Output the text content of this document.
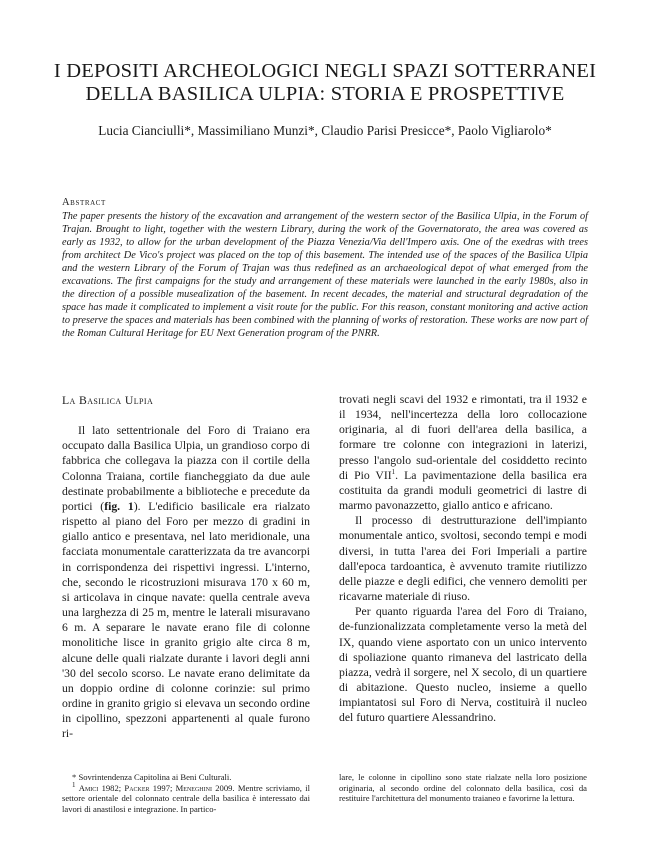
I DEPOSITI ARCHEOLOGICI NEGLI SPAZI SOTTERRANEI
DELLA BASILICA ULPIA: STORIA E PROSPETTIVE
Lucia Cianciulli*, Massimiliano Munzi*, Claudio Parisi Presicce*, Paolo Vigliarolo*
Abstract
The paper presents the history of the excavation and arrangement of the western sector of the Basilica Ulpia, in the Forum of Trajan. Brought to light, together with the western Library, during the work of the Governatorato, the area was covered as early as 1932, to allow for the urban development of the Piazza Venezia/Via dell'Impero axis. One of the exedras with trees from architect De Vico's project was placed on the top of this basement. The intended use of the spaces of the Basilica Ulpia and the western Library of the Forum of Trajan was thus redefined as an archaeological depot of what emerged from the excavations. The first campaigns for the study and arrangement of these materials were launched in the early 1980s, also in the direction of a possible musealization of the basement. In recent decades, the material and structural degradation of the space has made it complicated to implement a visit route for the public. For this reason, constant monitoring and active action to preserve the spaces and materials has been combined with the planning of works of restoration. These works are now part of the Roman Cultural Heritage for EU Next Generation program of the PNRR.
La Basilica Ulpia

Il lato settentrionale del Foro di Traiano era occupato dalla Basilica Ulpia, un grandioso corpo di fabbrica che collegava la piazza con il cortile della Colonna Traiana, cortile fiancheggiato da due aule destinate probabilmente a biblioteche e precedute da portici (fig. 1). L'edificio basilicale era rialzato rispetto al piano del Foro per mezzo di gradini in giallo antico e presentava, nel lato meridionale, una facciata monumentale caratterizzata da tre avancorpi in corrispondenza dei rispettivi ingressi. L'interno, che, secondo le ricostruzioni misurava 170 x 60 m, si articolava in cinque navate: quella centrale aveva una larghezza di 25 m, mentre le laterali misuravano 6 m. A separare le navate erano file di colonne monolitiche lisce in granito grigio alte circa 8 m, alcune delle quali rialzate durante i lavori degli anni '30 del secolo scorso. Le navate erano delimitate da un doppio ordine di colonne corinzie: sul primo ordine in granito grigio si elevava un secondo ordine in cipollino, spezzoni appartenenti al quale furono ri-

trovati negli scavi del 1932 e rimontati, tra il 1932 e il 1934, nell'incertezza della loro collocazione originaria, al di fuori dell'area della basilica, a formare tre colonne con integrazioni in laterizi, presso l'angolo sud-orientale del cosiddetto recinto di Pio VII$^1$. La pavimentazione della basilica era costituita da grandi moduli geometrici di lastre di marmo pavonazzetto, giallo antico e africano.

Il processo di destrutturazione dell'impianto monumentale antico, svoltosi, secondo tempi e modi diversi, in tutta l'area dei Fori Imperiali a partire dall'epoca tardoantica, è avvenuto tramite riutilizzo delle piazze e degli edifici, che vennero demoliti per ricavarne materiale di riuso.

Per quanto riguarda l'area del Foro di Traiano, de-funzionalizzata completamente verso la metà del IX, quando viene asportato con un unico intervento di spoliazione quanto rimaneva del lastricato della piazza, vedrà il sorgere, nel X secolo, di un quartiere di abitazione. Questo nucleo, insieme a quello impiantatosi sul Foro di Nerva, costituirà il nucleo del futuro quartiere Alessandrino.

* Sovrintendenza Capitolina ai Beni Culturali.

$^1$ Amici 1982; Packer 1997; Meneghini 2009. Mentre scriviamo, il settore orientale del colonnato centrale della basilica è interessato dai lavori di anastilosi e integrazione. In partico-

lare, le colonne in cipollino sono state rialzate nella loro posizione originaria, al secondo ordine del colonnato della basilica, così da restituire l'architettura del monumento traianeo e favorirne la lettura.
